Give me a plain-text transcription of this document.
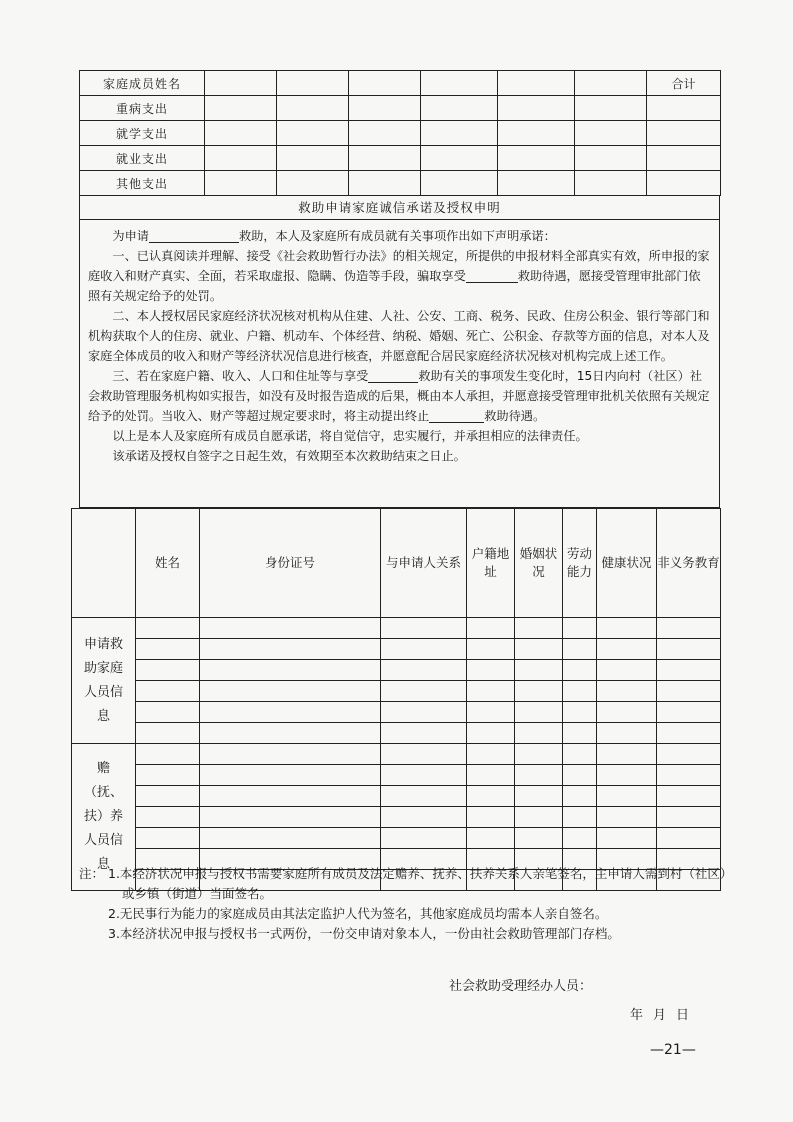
家庭成员姓名							合计
重病支出							
就学支出							
就业支出							
其他支出							
救助申请家庭诚信承诺及授权申明

为申请	救助，本人及家庭所有成员就有关事项作出如下声明承诺：

一、已认真阅读并理解、接受《社会救助暂行办法》的相关规定，所提供的申报材料全部真实有效，所申报的家庭收入和财产真实、全面，若采取虚报、隐瞒、伪造等手段，骗取享受	救助待遇，愿接受管理审批部门依照有关规定给予的处罚。

二、本人授权居民家庭经济状况核对机构从住建、人社、公安、工商、税务、民政、住房公积金、银行等部门和机构获取个人的住房、就业、户籍、机动车、个体经营、纳税、婚姻、死亡、公积金、存款等方面的信息，对本人及家庭全体成员的收入和财产等经济状况信息进行核查，并愿意配合居民家庭经济状况核对机构完成上述工作。

三、若在家庭户籍、收入、人口和住址等与享受	救助有关的事项发生变化时，15日内向村（社区）社会救助管理服务机构如实报告，如没有及时报告造成的后果，概由本人承担，并愿意接受管理审批机关依照有关规定给予的处罚。当收入、财产等超过规定要求时，将主动提出终止	救助待遇。

以上是本人及家庭所有成员自愿承诺，将自觉信守，忠实履行，并承担相应的法律责任。

该承诺及授权自签字之日起生效，有效期至本次救助结束之日止。

	姓名	身份证号	与申请人关系	户籍地址	婚姻状况	劳动能力	健康状况	非义务教育	
申请救助家庭人员信息									

赡（抚、扶）养人员信息									

注： 1.本经济状况申报与授权书需要家庭所有成员及法定赡养、抚养、扶养关系人亲笔签名，主申请人需到村（社区）或乡镇（街道）当面签名。
2.无民事行为能力的家庭成员由其法定监护人代为签名，其他家庭成员均需本人亲自签名。
3.本经济状况申报与授权书一式两份，一份交申请对象本人，一份由社会救助管理部门存档。
社会救助受理经办人员：
年月日
—21—
